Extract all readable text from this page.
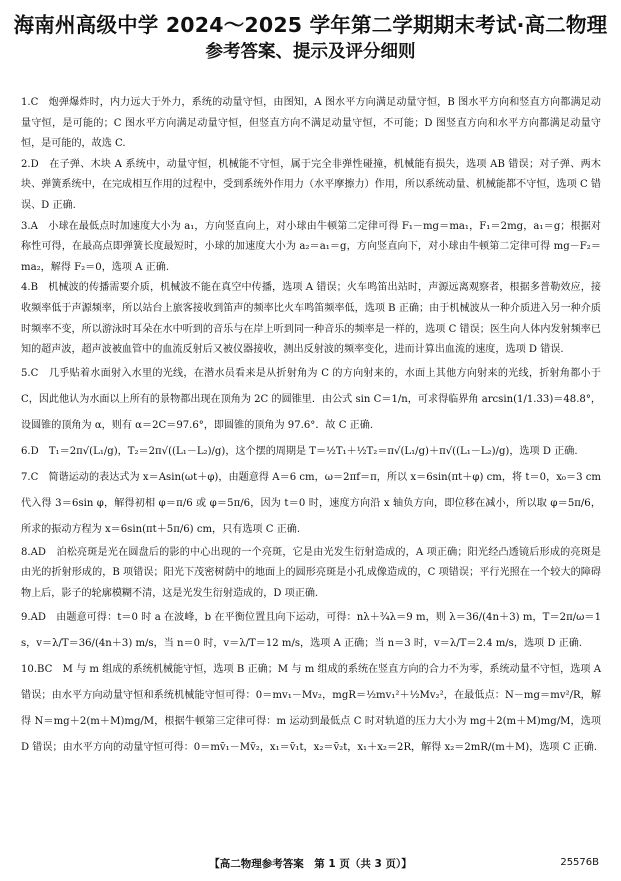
海南州高级中学 2024～2025 学年第二学期期末考试·高二物理
参考答案、提示及评分细则

1.C　炮弹爆炸时，内力远大于外力，系统的动量守恒，由图知，A 图水平方向满足动量守恒，B 图水平方向和竖直方向都满足动量守恒，是可能的；C 图水平方向满足动量守恒，但竖直方向不满足动量守恒，不可能；D 图竖直方向和水平方向都满足动量守恒，是可能的，故选 C.

2.D　在子弹、木块 A 系统中，动量守恒，机械能不守恒，属于完全非弹性碰撞，机械能有损失，选项 AB 错误；对子弹、两木块、弹簧系统中，在完成相互作用的过程中，受到系统外作用力（水平摩擦力）作用，所以系统动量、机械能都不守恒，选项 C 错误、D 正确.

3.A　小球在最低点时加速度大小为 a₁，方向竖直向上，对小球由牛顿第二定律可得 F₁－mg＝ma₁，F₁＝2mg，a₁＝g；根据对称性可得，在最高点即弹簧长度最短时，小球的加速度大小为 a₂＝a₁＝g，方向竖直向下，对小球由牛顿第二定律可得 mg－F₂＝ma₂，解得 F₂＝0，选项 A 正确.

4.B　机械波的传播需要介质，机械波不能在真空中传播，选项 A 错误；火车鸣笛出站时，声源远离观察者，根据多普勒效应，接收频率低于声源频率，所以站台上旅客接收到笛声的频率比火车鸣笛频率低，选项 B 正确；由于机械波从一种介质进入另一种介质时频率不变，所以游泳时耳朵在水中听到的音乐与在岸上听到同一种音乐的频率是一样的，选项 C 错误；医生向人体内发射频率已知的超声波，超声波被血管中的血流反射后又被仪器接收，测出反射波的频率变化，进而计算出血流的速度，选项 D 错误.

5.C　几乎贴着水面射入水里的光线，在潜水员看来是从折射角为 C 的方向射来的，水面上其他方向射来的光线，折射角都小于 C，因此他认为水面以上所有的景物都出现在顶角为 2C 的圆锥里．由公式 sin C＝1/n，可求得临界角 arcsin(1/1.33)＝48.8°，设圆锥的顶角为 α，则有 α＝2C＝97.6°，即圆锥的顶角为 97.6°．故 C 正确.

6.D　T₁＝2π√(L₁/g)，T₂＝2π√((L₁－L₂)/g)，这个摆的周期是 T＝½T₁＋½T₂＝π√(L₁/g)＋π√((L₁－L₂)/g)，选项 D 正确.

7.C　简谐运动的表达式为 x＝Asin(ωt＋φ)，由题意得 A＝6 cm，ω＝2πf＝π，所以 x＝6sin(πt＋φ) cm，将 t＝0，x₀＝3 cm 代入得 3＝6sin φ，解得初相 φ＝π/6 或 φ＝5π/6，因为 t＝0 时，速度方向沿 x 轴负方向，即位移在减小，所以取 φ＝5π/6，所求的振动方程为 x＝6sin(πt＋5π/6) cm，只有选项 C 正确.

8.AD　泊松亮斑是光在圆盘后的影的中心出现的一个亮斑，它是由光发生衍射造成的，A 项正确；阳光经凸透镜后形成的亮斑是由光的折射形成的，B 项错误；阳光下茂密树荫中的地面上的圆形亮斑是小孔成像造成的，C 项错误；平行光照在一个较大的障碍物上后，影子的轮廓模糊不清，这是光发生衍射造成的，D 项正确.

9.AD　由题意可得：t＝0 时 a 在波峰，b 在平衡位置且向下运动，可得：nλ＋¾λ＝9 m，则 λ＝36/(4n＋3) m，T＝2π/ω＝1 s，v＝λ/T＝36/(4n＋3) m/s，当 n＝0 时，v＝λ/T＝12 m/s，选项 A 正确；当 n＝3 时，v＝λ/T＝2.4 m/s，选项 D 正确.

10.BC　M 与 m 组成的系统机械能守恒，选项 B 正确；M 与 m 组成的系统在竖直方向的合力不为零，系统动量不守恒，选项 A 错误；由水平方向动量守恒和系统机械能守恒可得：0＝mv₁－Mv₂，mgR＝½mv₁²＋½Mv₂²，在最低点：N－mg＝mv²/R，解得 N＝mg＋2(m＋M)mg/M，根据牛顿第三定律可得：m 运动到最低点 C 时对轨道的压力大小为 mg＋2(m＋M)mg/M，选项 D 错误；由水平方向的动量守恒可得：0＝mv̄₁－Mv̄₂，x₁＝v̄₁t，x₂＝v̄₂t，x₁＋x₂＝2R，解得 x₂＝2mR/(m＋M)，选项 C 正确.

【高二物理参考答案　第 1 页（共 3 页）】	25576B
